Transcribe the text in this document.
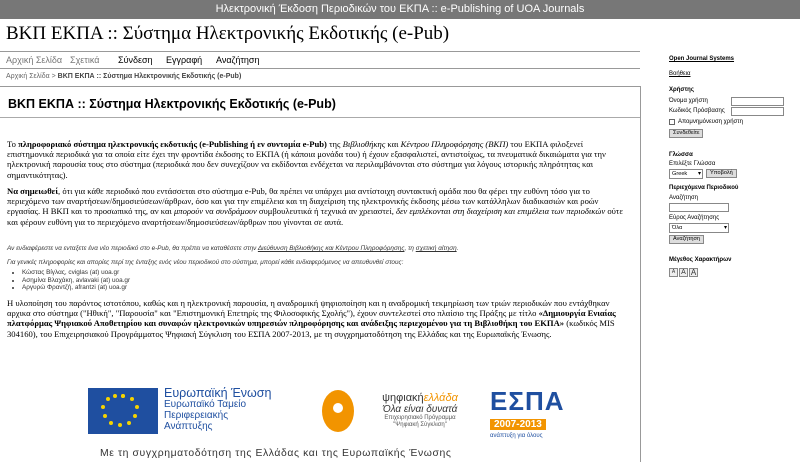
Ηλεκτρονική Έκδοση Περιοδικών του ΕΚΠΑ :: e-Publishing of UOA Journals
ΒΚΠ ΕΚΠΑ :: Σύστημα Ηλεκτρονικής Εκδοτικής (e-Pub)
Αρχική Σελίδα Σχετικά Σύνδεση Εγγραφή Αναζήτηση
Αρχική Σελίδα > ΒΚΠ ΕΚΠΑ :: Σύστημα Ηλεκτρονικής Εκδοτικής (e-Pub)
ΒΚΠ ΕΚΠΑ :: Σύστημα Ηλεκτρονικής Εκδοτικής (e-Pub)
Το πληροφοριακό σύστημα ηλεκτρονικής εκδοτικής (e-Publishing ή εν συντομία e-Pub) της Βιβλιοθήκης και Κέντρου Πληροφόρησης (ΒΚΠ) του ΕΚΠΑ φιλοξενεί επιστημονικά περιοδικά για τα οποία είτε έχει την φροντίδα έκδοσης το ΕΚΠΑ (ή κάποια μονάδα του) ή έχουν εξασφαλιστεί, αντιστοίχως, τα πνευματικά δικαιώματα για την ηλεκτρονική παρουσία τους στο σύστημα (περιοδικά που δεν συνεχίζουν να εκδίδονται ενδέχεται να περιλαμβάνονται στο σύστημα για λόγους ιστορικής πληρότητας και σημαντικότητας).
Να σημειωθεί, ότι για κάθε περιοδικό που εντάσσεται στο σύστημα e-Pub, θα πρέπει να υπάρχει μια αντίστοιχη συντακτική ομάδα που θα φέρει την ευθύνη τόσο για το περιεχόμενο των αναρτήσεων/δημοσιεύσεων/άρθρων, όσο και για την επιμέλεια και τη διαχείριση της ηλεκτρονικής έκδοσης μέσω των κατάλληλων διαδικασιών και ροών εργασίας. Η ΒΚΠ και το προσωπικό της, αν και μπορούν να συνδράμουν συμβουλευτικά ή τεχνικά αν χρειαστεί, δεν εμπλέκονται στη διαχείριση και επιμέλεια των περιοδικών ούτε και φέρουν ευθύνη για το περιεχόμενο αναρτήσεων/δημοσιεύσεων/άρθρων που γίνονται σε αυτά.
Αν ενδιαφέρεστε να ενταξετε ένα νέο περιοδικό στο e-Pub, θα πρέπει να καταθέσετε στην Διεύθυνση Βιβλιοθήκης και Κέντρου Πληροφόρησης, τη σχετική αίτηση.
Για γενικές πληροφορίες και απορίες περί της ένταξης ενός νέου περιοδικού στο σύστημα, μπορεί κάθε ενδιαφερόμενος να απευθυνθεί στους:
• Κώστας Βίγλας, cviglas (at) uoa.gr
• Ασημίνα Βλαχάκη, avlavaki (at) uoa.gr
• Αργυρώ Φραντζή, afrantzi (at) uoa.gr
Η υλοποίηση του παρόντος ιστοτόπου, καθώς και η ηλεκτρονική παρουσία, η αναδρομική ψηφιοποίηση και η αναδρομική τεκμηρίωση των τριών περιοδικών που εντάχθηκαν αρχικα στο σύστημα ("Ηθική", "Παρουσία" και "Επιστημονική Επετηρίς της Φιλοσοφικής Σχολής"), έχουν συντελεστεί στο πλαίσιο της Πράξης με τίτλο «Δημιουργία Ενιαίας πλατφόρμας Ψηφιακού Αποθετηρίου και συναφών ηλεκτρονικών υπηρεσιών πληροφόρησης και ανάδειξης περιεχομένου για τη Βιβλιοθήκη του ΕΚΠΑ» (κωδικός MIS 304160), του Επιχειρησιακού Προγράμματος Ψηφιακή Σύγκλιση του ΕΣΠΑ 2007-2013, με τη συγχρηματοδότηση της Ελλάδας και της Ευρωπαϊκής Ένωσης.
Ευρωπαϊκή Ένωση
Ευρωπαϊκό Ταμείο
Περιφερειακής
Ανάπτυξης
ψηφιακήελλάδα
Όλα είναι δυνατά
Επιχειρησιακό Πρόγραμμα
"Ψηφιακή Σύγκλιση"
ΕΣΠΑ
2007-2013
ανάπτυξη για όλους
Με τη συγχρηματοδότηση της Ελλάδας και της Ευρωπαϊκής Ένωσης
Open Journal Systems
Βοήθεια
Χρήστης
Όνομα χρήστη
Κωδικός Πρόσβασης
Απομνημόνευση χρήστη
Συνδεθείτε
Γλώσσα
Επιλέξτε Γλώσσα
Greek ▾	Υποβολή
Περιεχόμενα Περιοδικού
Αναζήτηση
Εύρος Αναζήτησης
Όλα ▾
Αναζήτηση
Μέγεθος Χαρακτήρων
A A A
